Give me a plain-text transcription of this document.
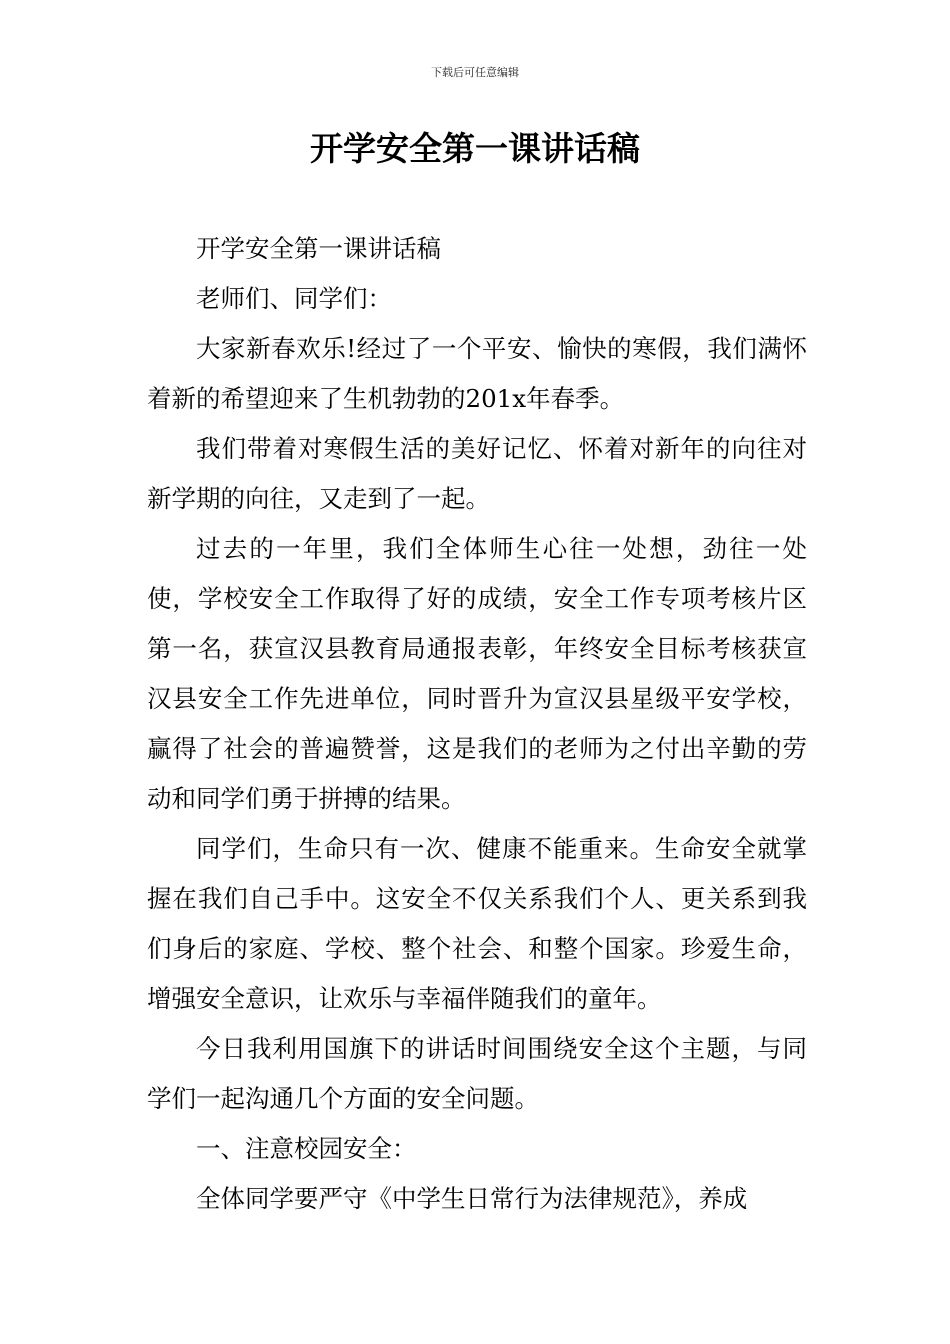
下载后可任意编辑
开学安全第一课讲话稿

开学安全第一课讲话稿

老师们、同学们：

大家新春欢乐!经过了一个平安、愉快的寒假，我们满怀着新的希望迎来了生机勃勃的201x年春季。

我们带着对寒假生活的美好记忆、怀着对新年的向往对新学期的向往，又走到了一起。

过去的一年里，我们全体师生心往一处想，劲往一处使，学校安全工作取得了好的成绩，安全工作专项考核片区第一名，获宣汉县教育局通报表彰，年终安全目标考核获宣汉县安全工作先进单位，同时晋升为宣汉县星级平安学校，赢得了社会的普遍赞誉，这是我们的老师为之付出辛勤的劳动和同学们勇于拼搏的结果。

同学们，生命只有一次、健康不能重来。生命安全就掌握在我们自己手中。这安全不仅关系我们个人、更关系到我们身后的家庭、学校、整个社会、和整个国家。珍爱生命，增强安全意识，让欢乐与幸福伴随我们的童年。

今日我利用国旗下的讲话时间围绕安全这个主题，与同学们一起沟通几个方面的安全问题。

一、注意校园安全：

全体同学要严守《中学生日常行为法律规范》，养成
